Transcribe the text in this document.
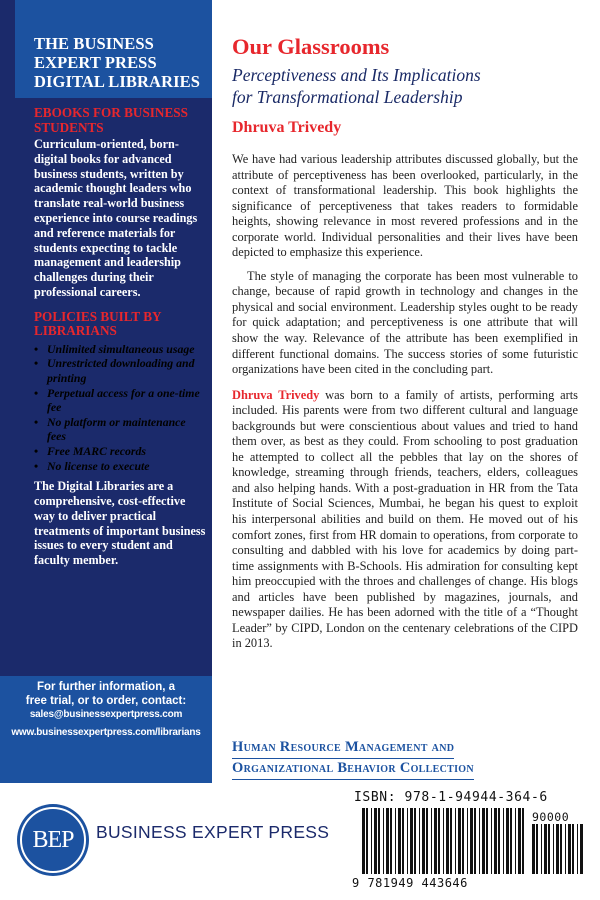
THE BUSINESS EXPERT PRESS DIGITAL LIBRARIES
EBOOKS FOR BUSINESS STUDENTS
Curriculum-oriented, born-digital books for advanced business students, written by academic thought leaders who translate real-world business experience into course readings and reference materials for students expecting to tackle management and leadership challenges during their professional careers.
POLICIES BUILT BY LIBRARIANS
• Unlimited simultaneous usage
• Unrestricted downloading and printing
• Perpetual access for a one-time fee
• No platform or maintenance fees
• Free MARC records
• No license to execute
The Digital Libraries are a comprehensive, cost-effective way to deliver practical treatments of important business issues to every student and faculty member.
For further information, a
free trial, or to order, contact:
sales@businessexpertpress.com
www.businessexpertpress.com/librarians
Our Glassrooms
Perceptiveness and Its Implications
for Transformational Leadership
Dhruva Trivedy

We have had various leadership attributes discussed globally, but the attribute of perceptiveness has been overlooked, particularly, in the context of transformational leadership. This book highlights the significance of perceptiveness that takes readers to formidable heights, showing relevance in most revered professions and in the corporate world. Individual personalities and their lives have been depicted to emphasize this experience.

The style of managing the corporate has been most vulnerable to change, because of rapid growth in technology and changes in the physical and social environment. Leadership styles ought to be ready for quick adaptation; and perceptiveness is one attribute that will show the way. Relevance of the attribute has been exemplified in different functional domains. The success stories of some futuristic organizations have been cited in the concluding part.

Dhruva Trivedy was born to a family of artists, performing arts included. His parents were from two different cultural and language backgrounds but were conscientious about values and tried to hand them over, as best as they could. From schooling to post graduation he attempted to collect all the pebbles that lay on the shores of knowledge, streaming through friends, teachers, elders, colleagues and also helping hands. With a post-graduation in HR from the Tata Institute of Social Sciences, Mumbai, he began his quest to exploit his interpersonal abilities and build on them. He moved out of his comfort zones, first from HR domain to operations, from corporate to consulting and dabbled with his love for academics by doing part-time assignments with B-Schools. His admiration for consulting kept him preoccupied with the throes and challenges of change. His blogs and articles have been published by magazines, journals, and newspaper dailies. He has been adorned with the title of a “Thought Leader” by CIPD, London on the centenary celebrations of the CIPD in 2013.

Human Resource Management and
Organizational Behavior Collection
BEP BUSINESS EXPERT PRESS
ISBN: 978-1-94944-364-6
90000
9 781949 443646
